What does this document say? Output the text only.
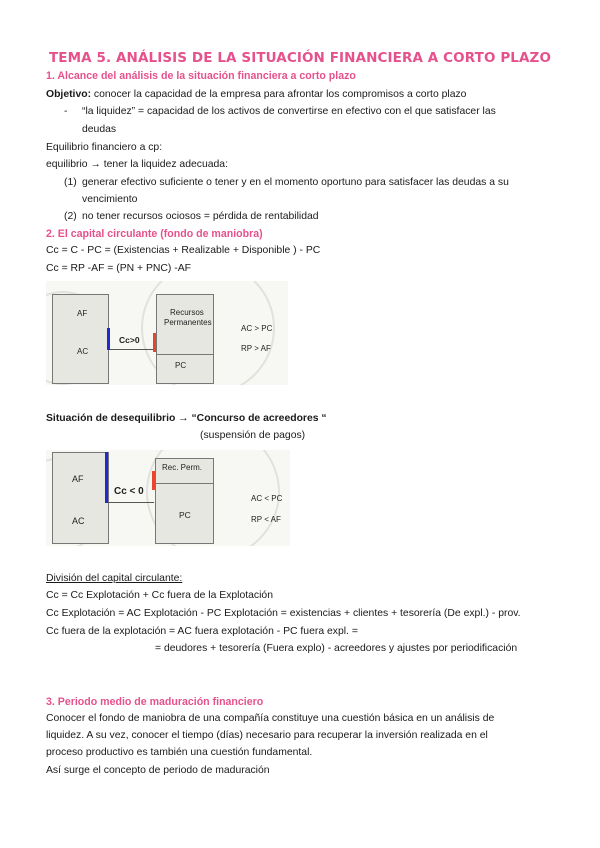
TEMA 5. ANÁLISIS DE LA SITUACIÓN FINANCIERA A CORTO PLAZO
1. Alcance del análisis de la situación financiera a corto plazo
Objetivo: conocer la capacidad de la empresa para afrontar los compromisos a corto plazo
- “la liquidez” = capacidad de los activos de convertirse en efectivo con el que satisfacer las
deudas
Equilibrio financiero a cp:
equilibrio → tener la liquidez adecuada:
(1) generar efectivo suficiente o tener y en el momento oportuno para satisfacer las deudas a su
vencimiento
(2) no tener recursos ociosos = pérdida de rentabilidad
2. El capital circulante (fondo de maniobra)
Cc = C - PC = (Existencias + Realizable + Disponible ) - PC
Cc = RP -AF = (PN + PNC) -AF
AF
AC
Cc>0
Recursos
Permanentes
PC
AC > PC
RP > AF
Situación de desequilibrio → “Concurso de acreedores “
(suspensión de pagos)
AF
AC
Cc < 0
Rec. Perm.
PC
AC < PC
RP < AF
División del capital circulante:
Cc = Cc Explotación + Cc fuera de la Explotación
Cc Explotación = AC Explotación - PC Explotación = existencias + clientes + tesorería (De expl.) - prov.
Cc fuera de la explotación = AC fuera explotación - PC fuera expl. =
= deudores + tesorería (Fuera explo) - acreedores y ajustes por periodificación
3. Periodo medio de maduración financiero
Conocer el fondo de maniobra de una compañía constituye una cuestión básica en un análisis de
liquidez. A su vez, conocer el tiempo (días) necesario para recuperar la inversión realizada en el
proceso productivo es también una cuestión fundamental.
Así surge el concepto de periodo de maduración
